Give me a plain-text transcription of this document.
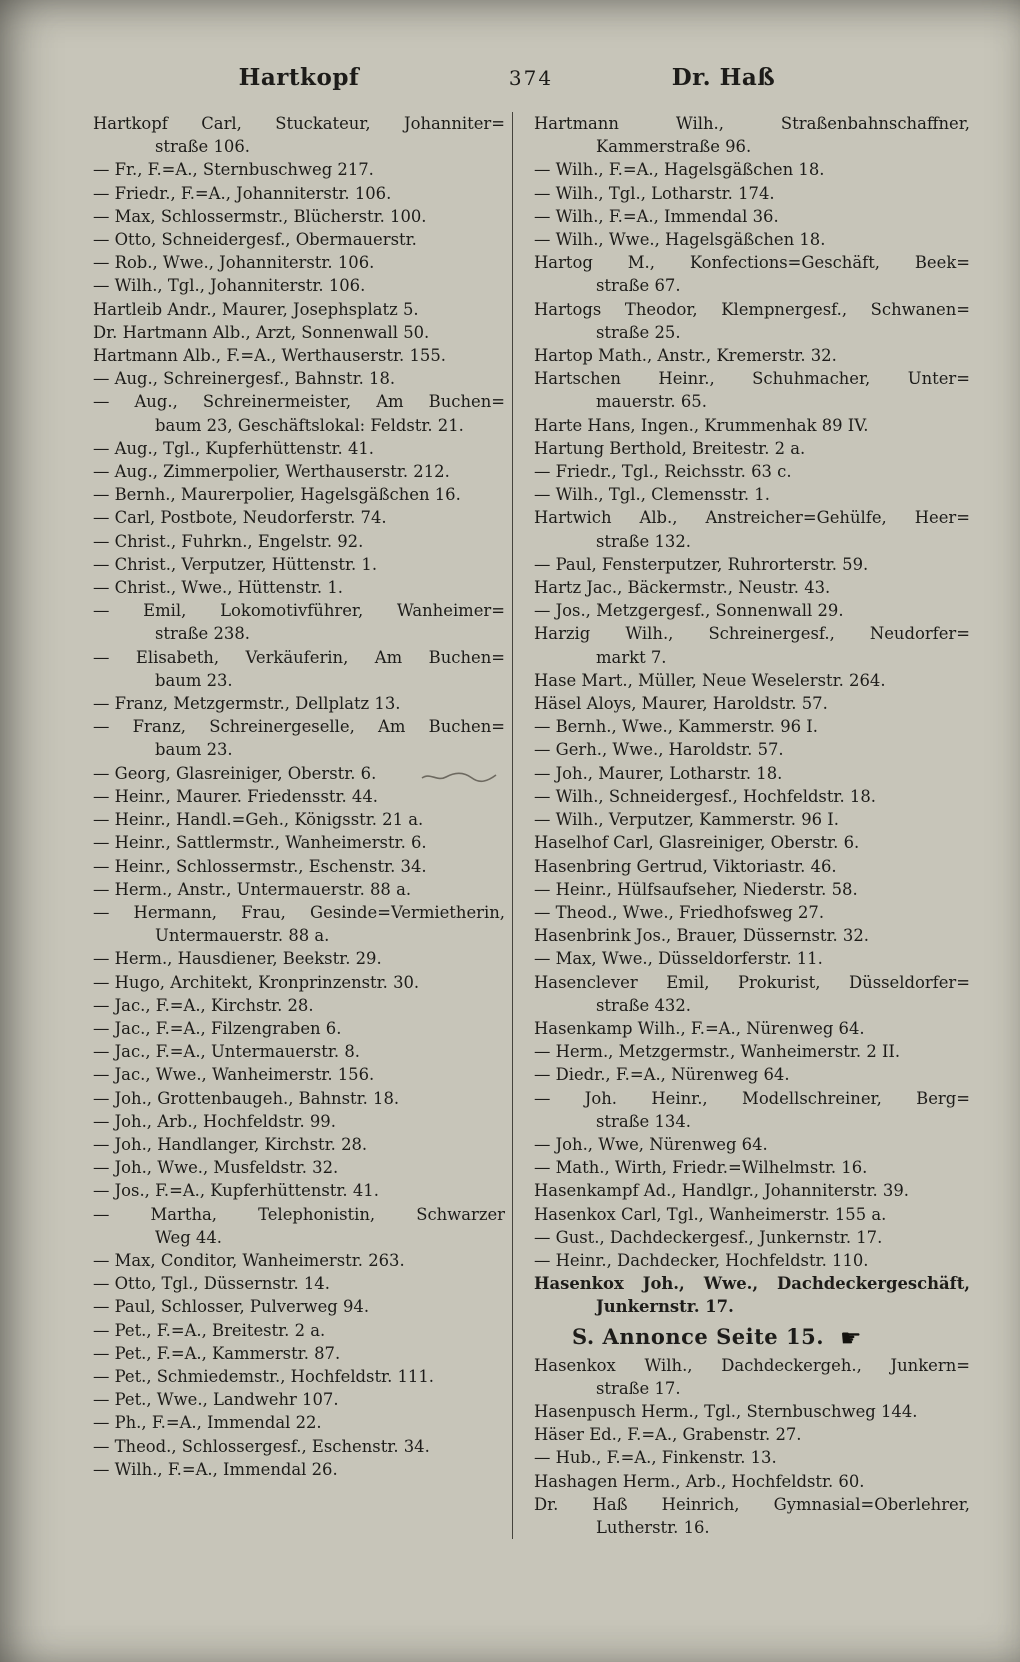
Hartkopf	374	Dr. Haß
Hartkopf Carl, Stuckateur, Johanniter=
straße 106.
— Fr., F.=A., Sternbuschweg 217.
— Friedr., F.=A., Johanniterstr. 106.
— Max, Schlossermstr., Blücherstr. 100.
— Otto, Schneidergesf., Obermauerstr.
— Rob., Wwe., Johanniterstr. 106.
— Wilh., Tgl., Johanniterstr. 106.
Hartleib Andr., Maurer, Josephsplatz 5.
Dr. Hartmann Alb., Arzt, Sonnenwall 50.
Hartmann Alb., F.=A., Werthauserstr. 155.
— Aug., Schreinergesf., Bahnstr. 18.
— Aug., Schreinermeister, Am Buchen=
baum 23, Geschäftslokal: Feldstr. 21.
— Aug., Tgl., Kupferhüttenstr. 41.
— Aug., Zimmerpolier, Werthauserstr. 212.
— Bernh., Maurerpolier, Hagelsgäßchen 16.
— Carl, Postbote, Neudorferstr. 74.
— Christ., Fuhrkn., Engelstr. 92.
— Christ., Verputzer, Hüttenstr. 1.
— Christ., Wwe., Hüttenstr. 1.
— Emil, Lokomotivführer, Wanheimer=
straße 238.
— Elisabeth, Verkäuferin, Am Buchen=
baum 23.
— Franz, Metzgermstr., Dellplatz 13.
— Franz, Schreinergeselle, Am Buchen=
baum 23.
— Georg, Glasreiniger, Oberstr. 6.
— Heinr., Maurer. Friedensstr. 44.
— Heinr., Handl.=Geh., Königsstr. 21 a.
— Heinr., Sattlermstr., Wanheimerstr. 6.
— Heinr., Schlossermstr., Eschenstr. 34.
— Herm., Anstr., Untermauerstr. 88 a.
— Hermann, Frau, Gesinde=Vermietherin,
Untermauerstr. 88 a.
— Herm., Hausdiener, Beekstr. 29.
— Hugo, Architekt, Kronprinzenstr. 30.
— Jac., F.=A., Kirchstr. 28.
— Jac., F.=A., Filzengraben 6.
— Jac., F.=A., Untermauerstr. 8.
— Jac., Wwe., Wanheimerstr. 156.
— Joh., Grottenbaugeh., Bahnstr. 18.
— Joh., Arb., Hochfeldstr. 99.
— Joh., Handlanger, Kirchstr. 28.
— Joh., Wwe., Musfeldstr. 32.
— Jos., F.=A., Kupferhüttenstr. 41.
— Martha, Telephonistin, Schwarzer
Weg 44.
— Max, Conditor, Wanheimerstr. 263.
— Otto, Tgl., Düssernstr. 14.
— Paul, Schlosser, Pulverweg 94.
— Pet., F.=A., Breitestr. 2 a.
— Pet., F.=A., Kammerstr. 87.
— Pet., Schmiedemstr., Hochfeldstr. 111.
— Pet., Wwe., Landwehr 107.
— Ph., F.=A., Immendal 22.
— Theod., Schlossergesf., Eschenstr. 34.
— Wilh., F.=A., Immendal 26.
Hartmann Wilh., Straßenbahnschaffner,
Kammerstraße 96.
— Wilh., F.=A., Hagelsgäßchen 18.
— Wilh., Tgl., Lotharstr. 174.
— Wilh., F.=A., Immendal 36.
— Wilh., Wwe., Hagelsgäßchen 18.
Hartog M., Konfections=Geschäft, Beek=
straße 67.
Hartogs Theodor, Klempnergesf., Schwanen=
straße 25.
Hartop Math., Anstr., Kremerstr. 32.
Hartschen Heinr., Schuhmacher, Unter=
mauerstr. 65.
Harte Hans, Ingen., Krummenhak 89 IV.
Hartung Berthold, Breitestr. 2 a.
— Friedr., Tgl., Reichsstr. 63 c.
— Wilh., Tgl., Clemensstr. 1.
Hartwich Alb., Anstreicher=Gehülfe, Heer=
straße 132.
— Paul, Fensterputzer, Ruhrorterstr. 59.
Hartz Jac., Bäckermstr., Neustr. 43.
— Jos., Metzgergesf., Sonnenwall 29.
Harzig Wilh., Schreinergesf., Neudorfer=
markt 7.
Hase Mart., Müller, Neue Weselerstr. 264.
Häsel Aloys, Maurer, Haroldstr. 57.
— Bernh., Wwe., Kammerstr. 96 I.
— Gerh., Wwe., Haroldstr. 57.
— Joh., Maurer, Lotharstr. 18.
— Wilh., Schneidergesf., Hochfeldstr. 18.
— Wilh., Verputzer, Kammerstr. 96 I.
Haselhof Carl, Glasreiniger, Oberstr. 6.
Hasenbring Gertrud, Viktoriastr. 46.
— Heinr., Hülfsaufseher, Niederstr. 58.
— Theod., Wwe., Friedhofsweg 27.
Hasenbrink Jos., Brauer, Düssernstr. 32.
— Max, Wwe., Düsseldorferstr. 11.
Hasenclever Emil, Prokurist, Düsseldorfer=
straße 432.
Hasenkamp Wilh., F.=A., Nürenweg 64.
— Herm., Metzgermstr., Wanheimerstr. 2 II.
— Diedr., F.=A., Nürenweg 64.
— Joh. Heinr., Modellschreiner, Berg=
straße 134.
— Joh., Wwe, Nürenweg 64.
— Math., Wirth, Friedr.=Wilhelmstr. 16.
Hasenkampf Ad., Handlgr., Johanniterstr. 39.
Hasenkox Carl, Tgl., Wanheimerstr. 155 a.
— Gust., Dachdeckergesf., Junkernstr. 17.
— Heinr., Dachdecker, Hochfeldstr. 110.
Hasenkox Joh., Wwe., Dachdeckergeschäft,
Junkernstr. 17.
S. Annonce Seite 15. ☛
Hasenkox Wilh., Dachdeckergeh., Junkern=
straße 17.
Hasenpusch Herm., Tgl., Sternbuschweg 144.
Häser Ed., F.=A., Grabenstr. 27.
— Hub., F.=A., Finkenstr. 13.
Hashagen Herm., Arb., Hochfeldstr. 60.
Dr. Haß Heinrich, Gymnasial=Oberlehrer,
Lutherstr. 16.
